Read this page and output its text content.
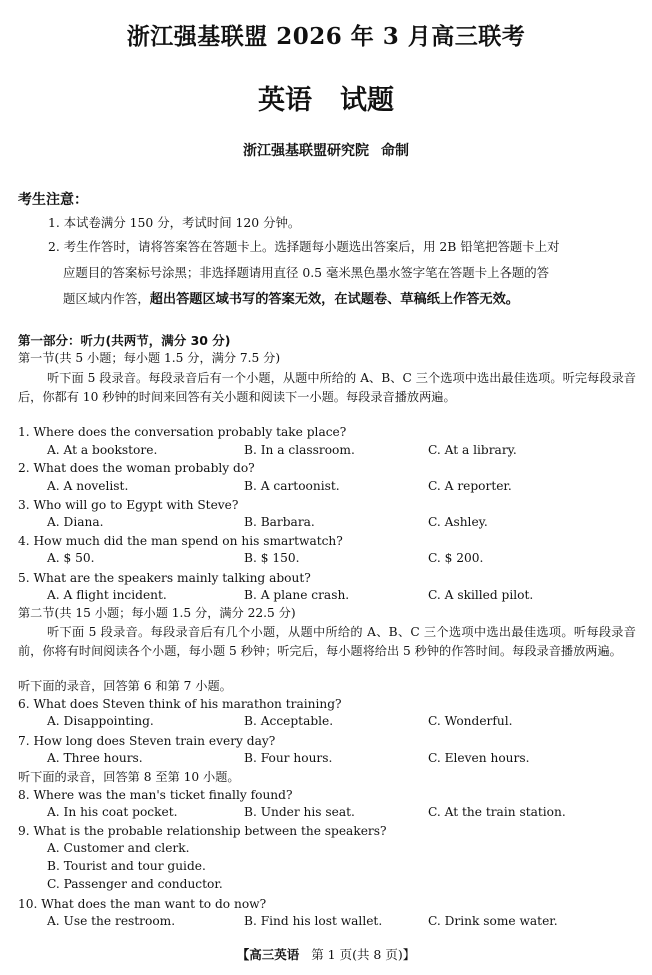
浙江强基联盟 2026 年 3 月高三联考
英语 试题
浙江强基联盟研究院 命制
考生注意：
1. 本试卷满分 150 分，考试时间 120 分钟。
2. 考生作答时，请将答案答在答题卡上。选择题每小题选出答案后，用 2B 铅笔把答题卡上对
应题目的答案标号涂黑；非选择题请用直径 0.5 毫米黑色墨水签字笔在答题卡上各题的答
题区域内作答，超出答题区域书写的答案无效，在试题卷、草稿纸上作答无效。
第一部分：听力(共两节，满分 30 分)
第一节(共 5 小题；每小题 1.5 分，满分 7.5 分)
听下面 5 段录音。每段录音后有一个小题，从题中所给的 A、B、C 三个选项中选出最佳选项。听完每段录音后，你都有 10 秒钟的时间来回答有关小题和阅读下一小题。每段录音播放两遍。
1. Where does the conversation probably take place?
A. At a bookstore.	B. In a classroom.	C. At a library.
2. What does the woman probably do?
A. A novelist.	B. A cartoonist.	C. A reporter.
3. Who will go to Egypt with Steve?
A. Diana.	B. Barbara.	C. Ashley.
4. How much did the man spend on his smartwatch?
A. $ 50.	B. $ 150.	C. $ 200.
5. What are the speakers mainly talking about?
A. A flight incident.	B. A plane crash.	C. A skilled pilot.
第二节(共 15 小题；每小题 1.5 分，满分 22.5 分)
听下面 5 段录音。每段录音后有几个小题，从题中所给的 A、B、C 三个选项中选出最佳选项。听每段录音前，你将有时间阅读各个小题，每小题 5 秒钟；听完后，每小题将给出 5 秒钟的作答时间。每段录音播放两遍。
听下面的录音，回答第 6 和第 7 小题。
6. What does Steven think of his marathon training?
A. Disappointing.	B. Acceptable.	C. Wonderful.
7. How long does Steven train every day?
A. Three hours.	B. Four hours.	C. Eleven hours.
听下面的录音，回答第 8 至第 10 小题。
8. Where was the man's ticket finally found?
A. In his coat pocket.	B. Under his seat.	C. At the train station.
9. What is the probable relationship between the speakers?
A. Customer and clerk.
B. Tourist and tour guide.
C. Passenger and conductor.
10. What does the man want to do now?
A. Use the restroom.	B. Find his lost wallet.	C. Drink some water.
【高三英语 第 1 页(共 8 页)】
